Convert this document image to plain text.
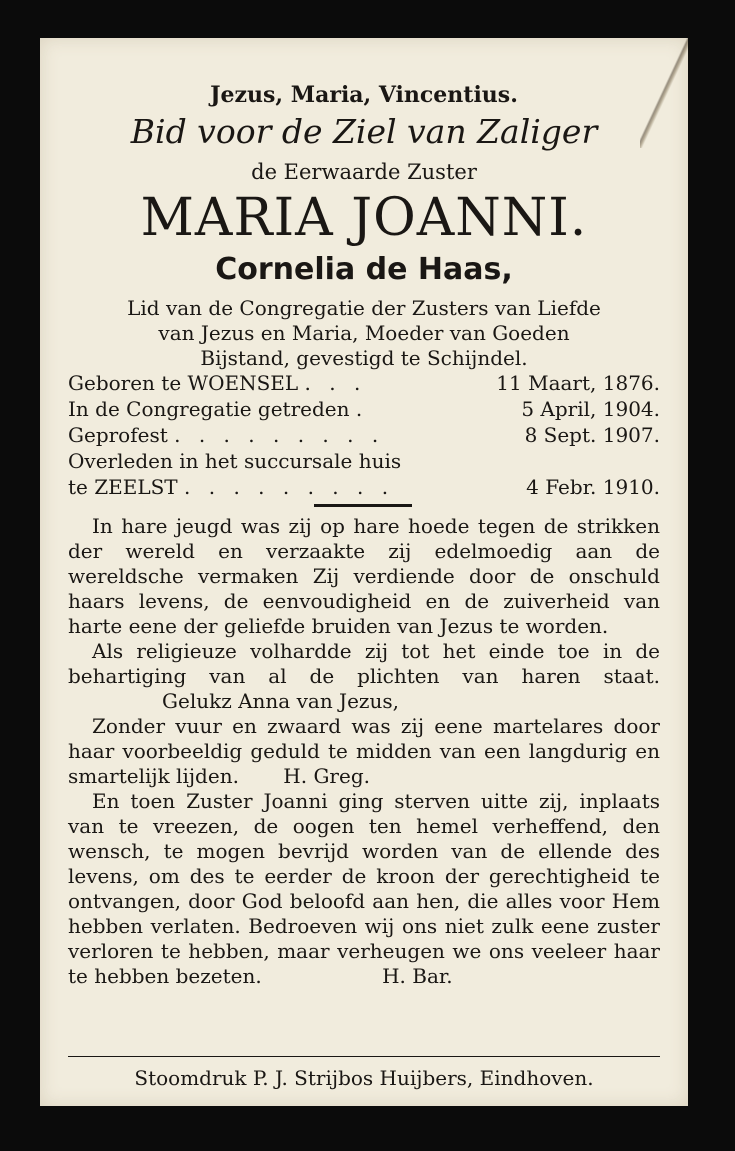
Jezus, Maria, Vincentius.
Bid voor de Ziel van Zaliger
de Eerwaarde Zuster
MARIA JOANNI.
Cornelia de Haas,
Lid van de Congregatie der Zusters van Liefde
van Jezus en Maria, Moeder van Goeden
Bijstand, gevestigd te Schijndel.
Geboren te WOENSEL . . .	11 Maart, 1876.
In de Congregatie getreden .	5 April, 1904.
Geprofest . . . . . . . . .	8 Sept. 1907.
Overleden in het succursale huis
te ZEELST . . . . . . . . .	4 Febr. 1910.

In hare jeugd was zij op hare hoede tegen de strikken der wereld en verzaakte zij edelmoedig aan de wereldsche vermaken Zij verdiende door de onschuld haars levens, de eenvoudigheid en de zuiverheid van harte eene der geliefde bruiden van Jezus te worden.

Als religieuze volhardde zij tot het einde toe in de behartiging van al de plichten van haren staat. Gelukz Anna van Jezus,

Zonder vuur en zwaard was zij eene martelares door haar voorbeeldig geduld te midden van een langdurig en smartelijk lijden. H. Greg.

En toen Zuster Joanni ging sterven uitte zij, inplaats van te vreezen, de oogen ten hemel verheffend, den wensch, te mogen bevrijd worden van de ellende des levens, om des te eerder de kroon der gerechtigheid te ontvangen, door God beloofd aan hen, die alles voor Hem hebben verlaten. Bedroeven wij ons niet zulk eene zuster verloren te hebben, maar verheugen we ons veeleer haar te hebben bezeten.	H. Bar.

Stoomdruk P. J. Strijbos Huijbers, Eindhoven.
